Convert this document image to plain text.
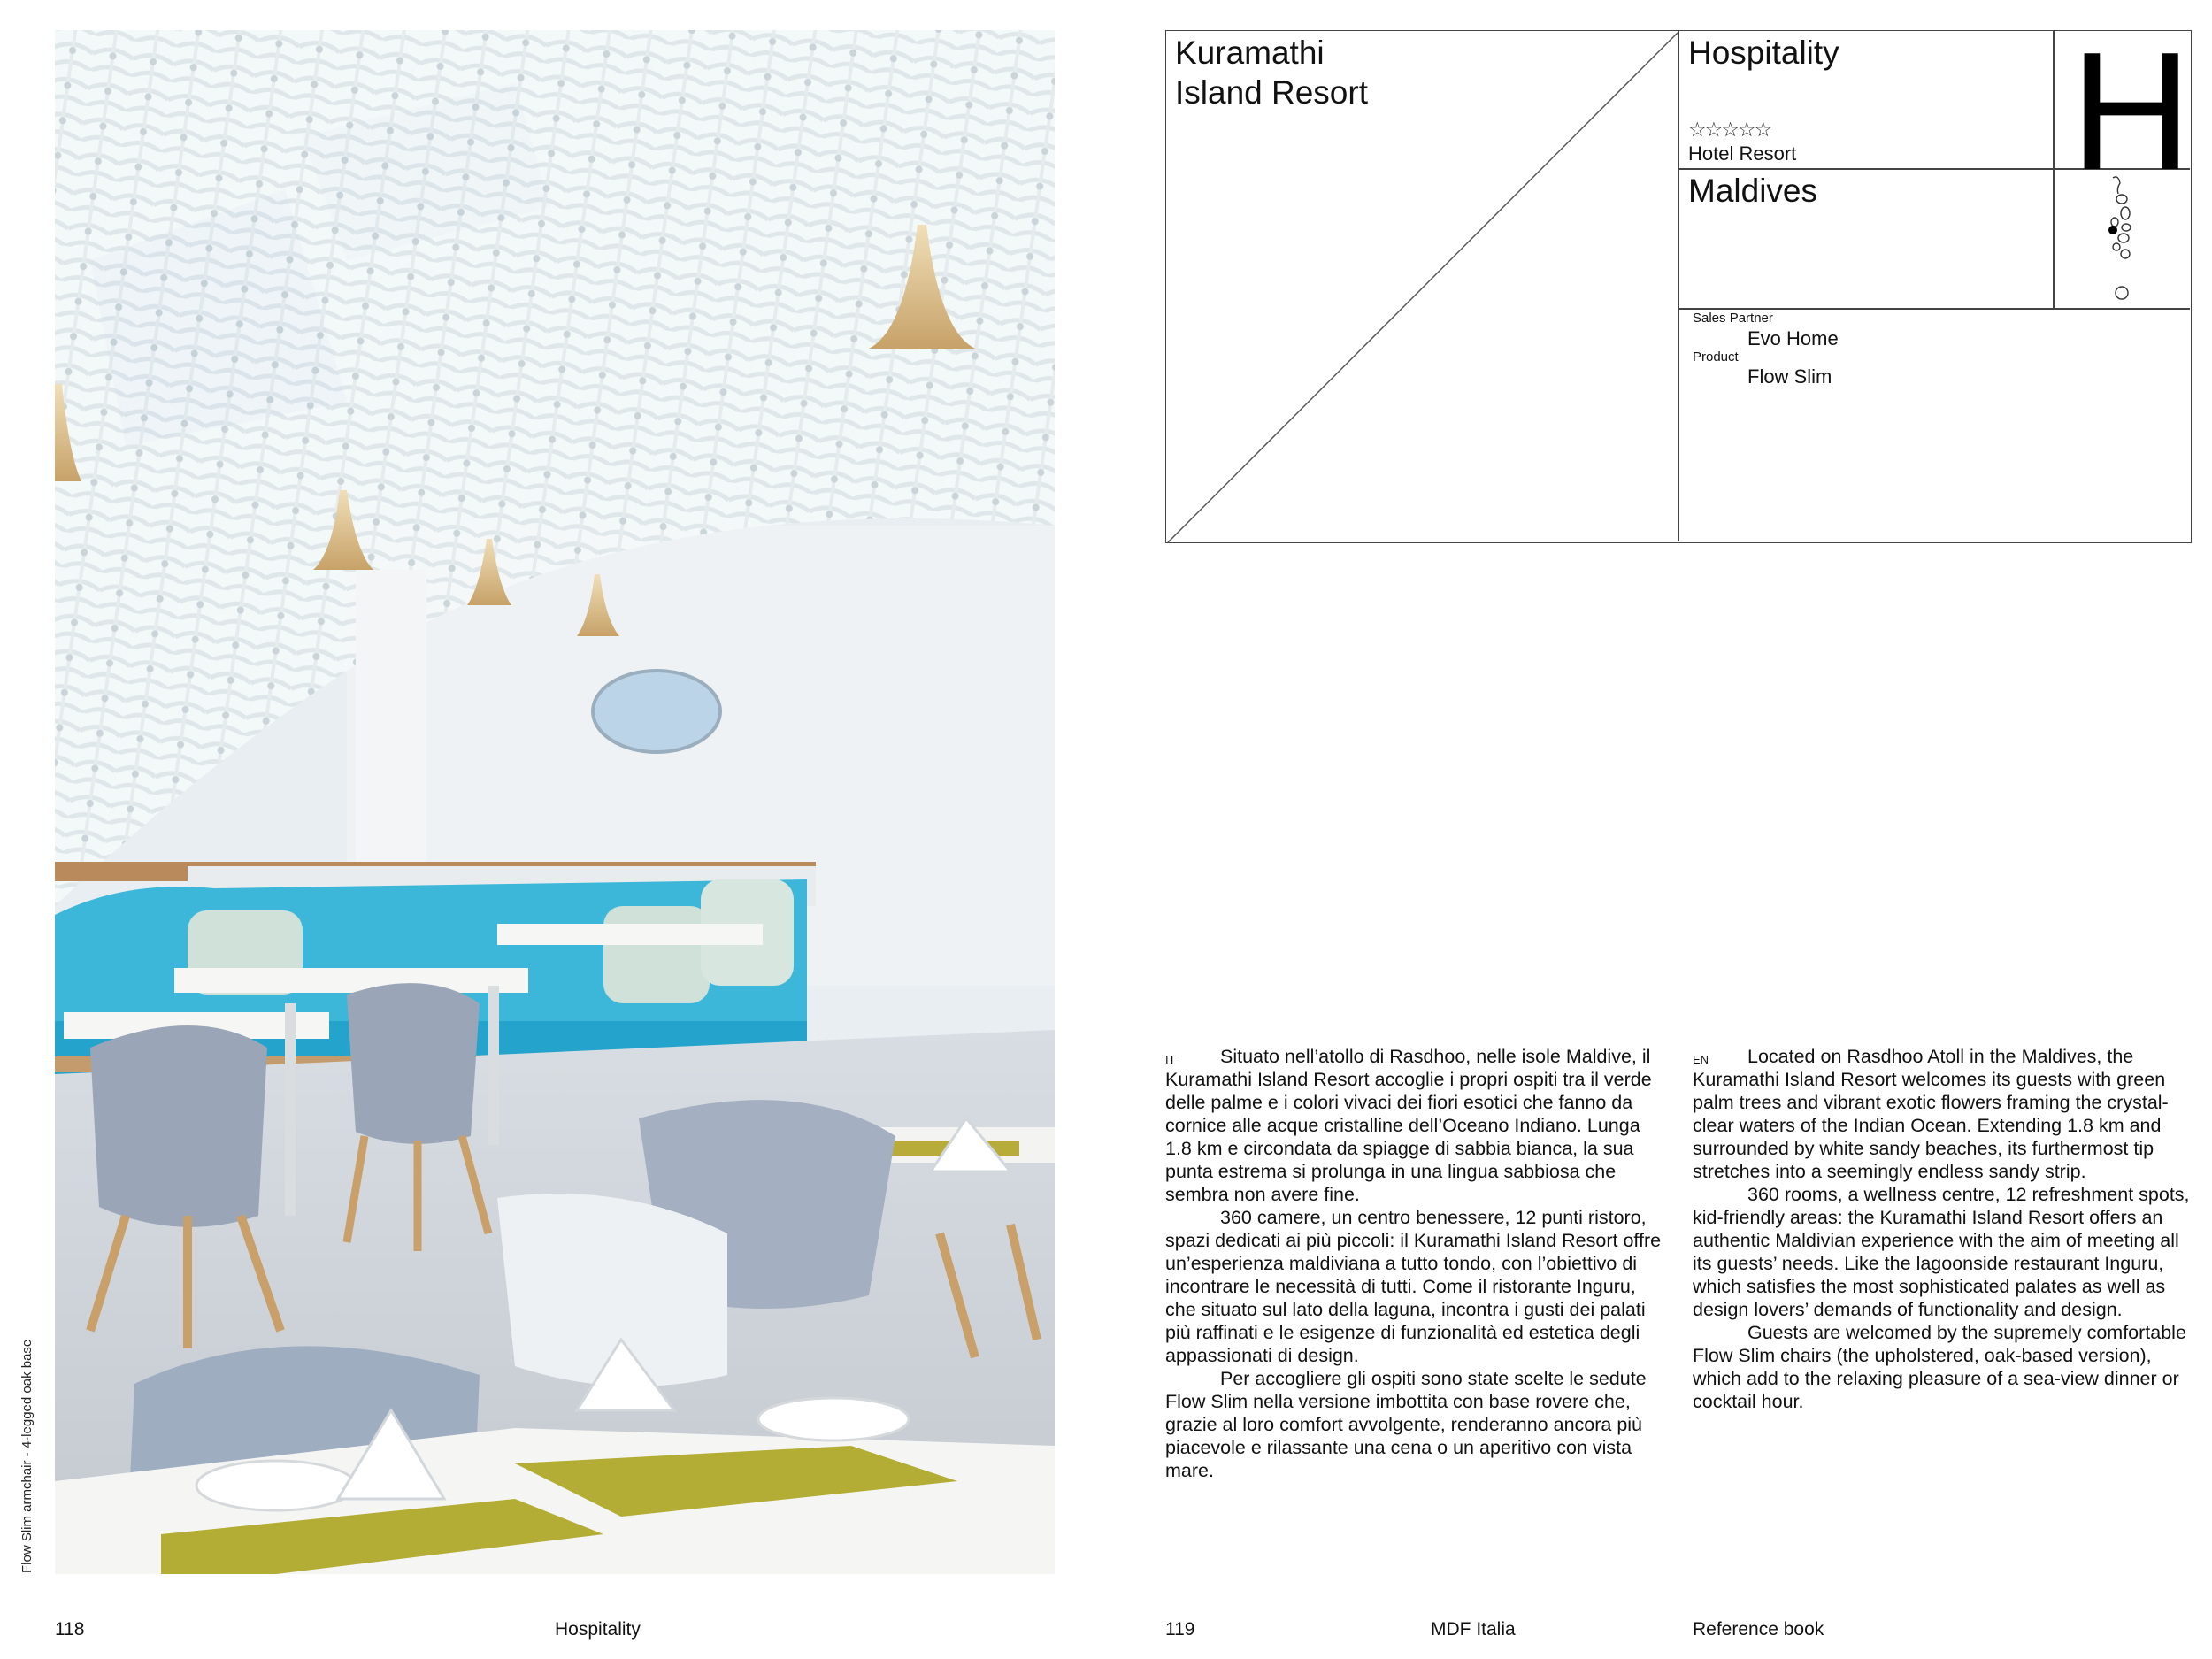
Flow Slim armchair - 4-legged oak base
Kuramathi
Island Resort
Hospitality
☆☆☆☆☆
Hotel Resort H
Maldives
Sales Partner
Evo Home
Product
Flow Slim
IT	Situato nell’atollo di Rasdhoo, nelle isole Maldive, il Kuramathi Island Resort accoglie i propri ospiti tra il verde delle palme e i colori vivaci dei fiori esotici che fanno da cornice alle acque cristalline dell’Oceano Indiano. Lunga 1.8 km e circondata da spiagge di sabbia bianca, la sua punta estrema si prolunga in una lingua sabbiosa che sembra non avere fine.

360 camere, un centro benessere, 12 punti ristoro, spazi dedicati ai più piccoli: il Kuramathi Island Resort offre un’esperienza maldiviana a tutto tondo, con l’obiettivo di incontrare le necessità di tutti. Come il ristorante Inguru, che situato sul lato della laguna, incontra i gusti dei palati più raffinati e le esigenze di funzionalità ed estetica degli appassionati di design.

Per accogliere gli ospiti sono state scelte le sedute Flow Slim nella versione imbottita con base rovere che, grazie al loro comfort avvolgente, renderanno ancora più piacevole e rilassante una cena o un aperitivo con vista mare.

EN	Located on Rasdhoo Atoll in the Maldives, the Kuramathi Island Resort welcomes its guests with green palm trees and vibrant exotic flowers framing the crystal-clear waters of the Indian Ocean. Extending 1.8 km and surrounded by white sandy beaches, its furthermost tip stretches into a seemingly endless sandy strip.

360 rooms, a wellness centre, 12 refreshment spots, kid-friendly areas: the Kuramathi Island Resort offers an authentic Maldivian experience with the aim of meeting all its guests’ needs. Like the lagoonside restaurant Inguru, which satisfies the most sophisticated palates as well as design lovers’ demands of functionality and design.

Guests are welcomed by the supremely comfortable Flow Slim chairs (the upholstered, oak-based version), which add to the relaxing pleasure of a sea-view dinner or cocktail hour.

118	Hospitality	119	MDF Italia	Reference book
